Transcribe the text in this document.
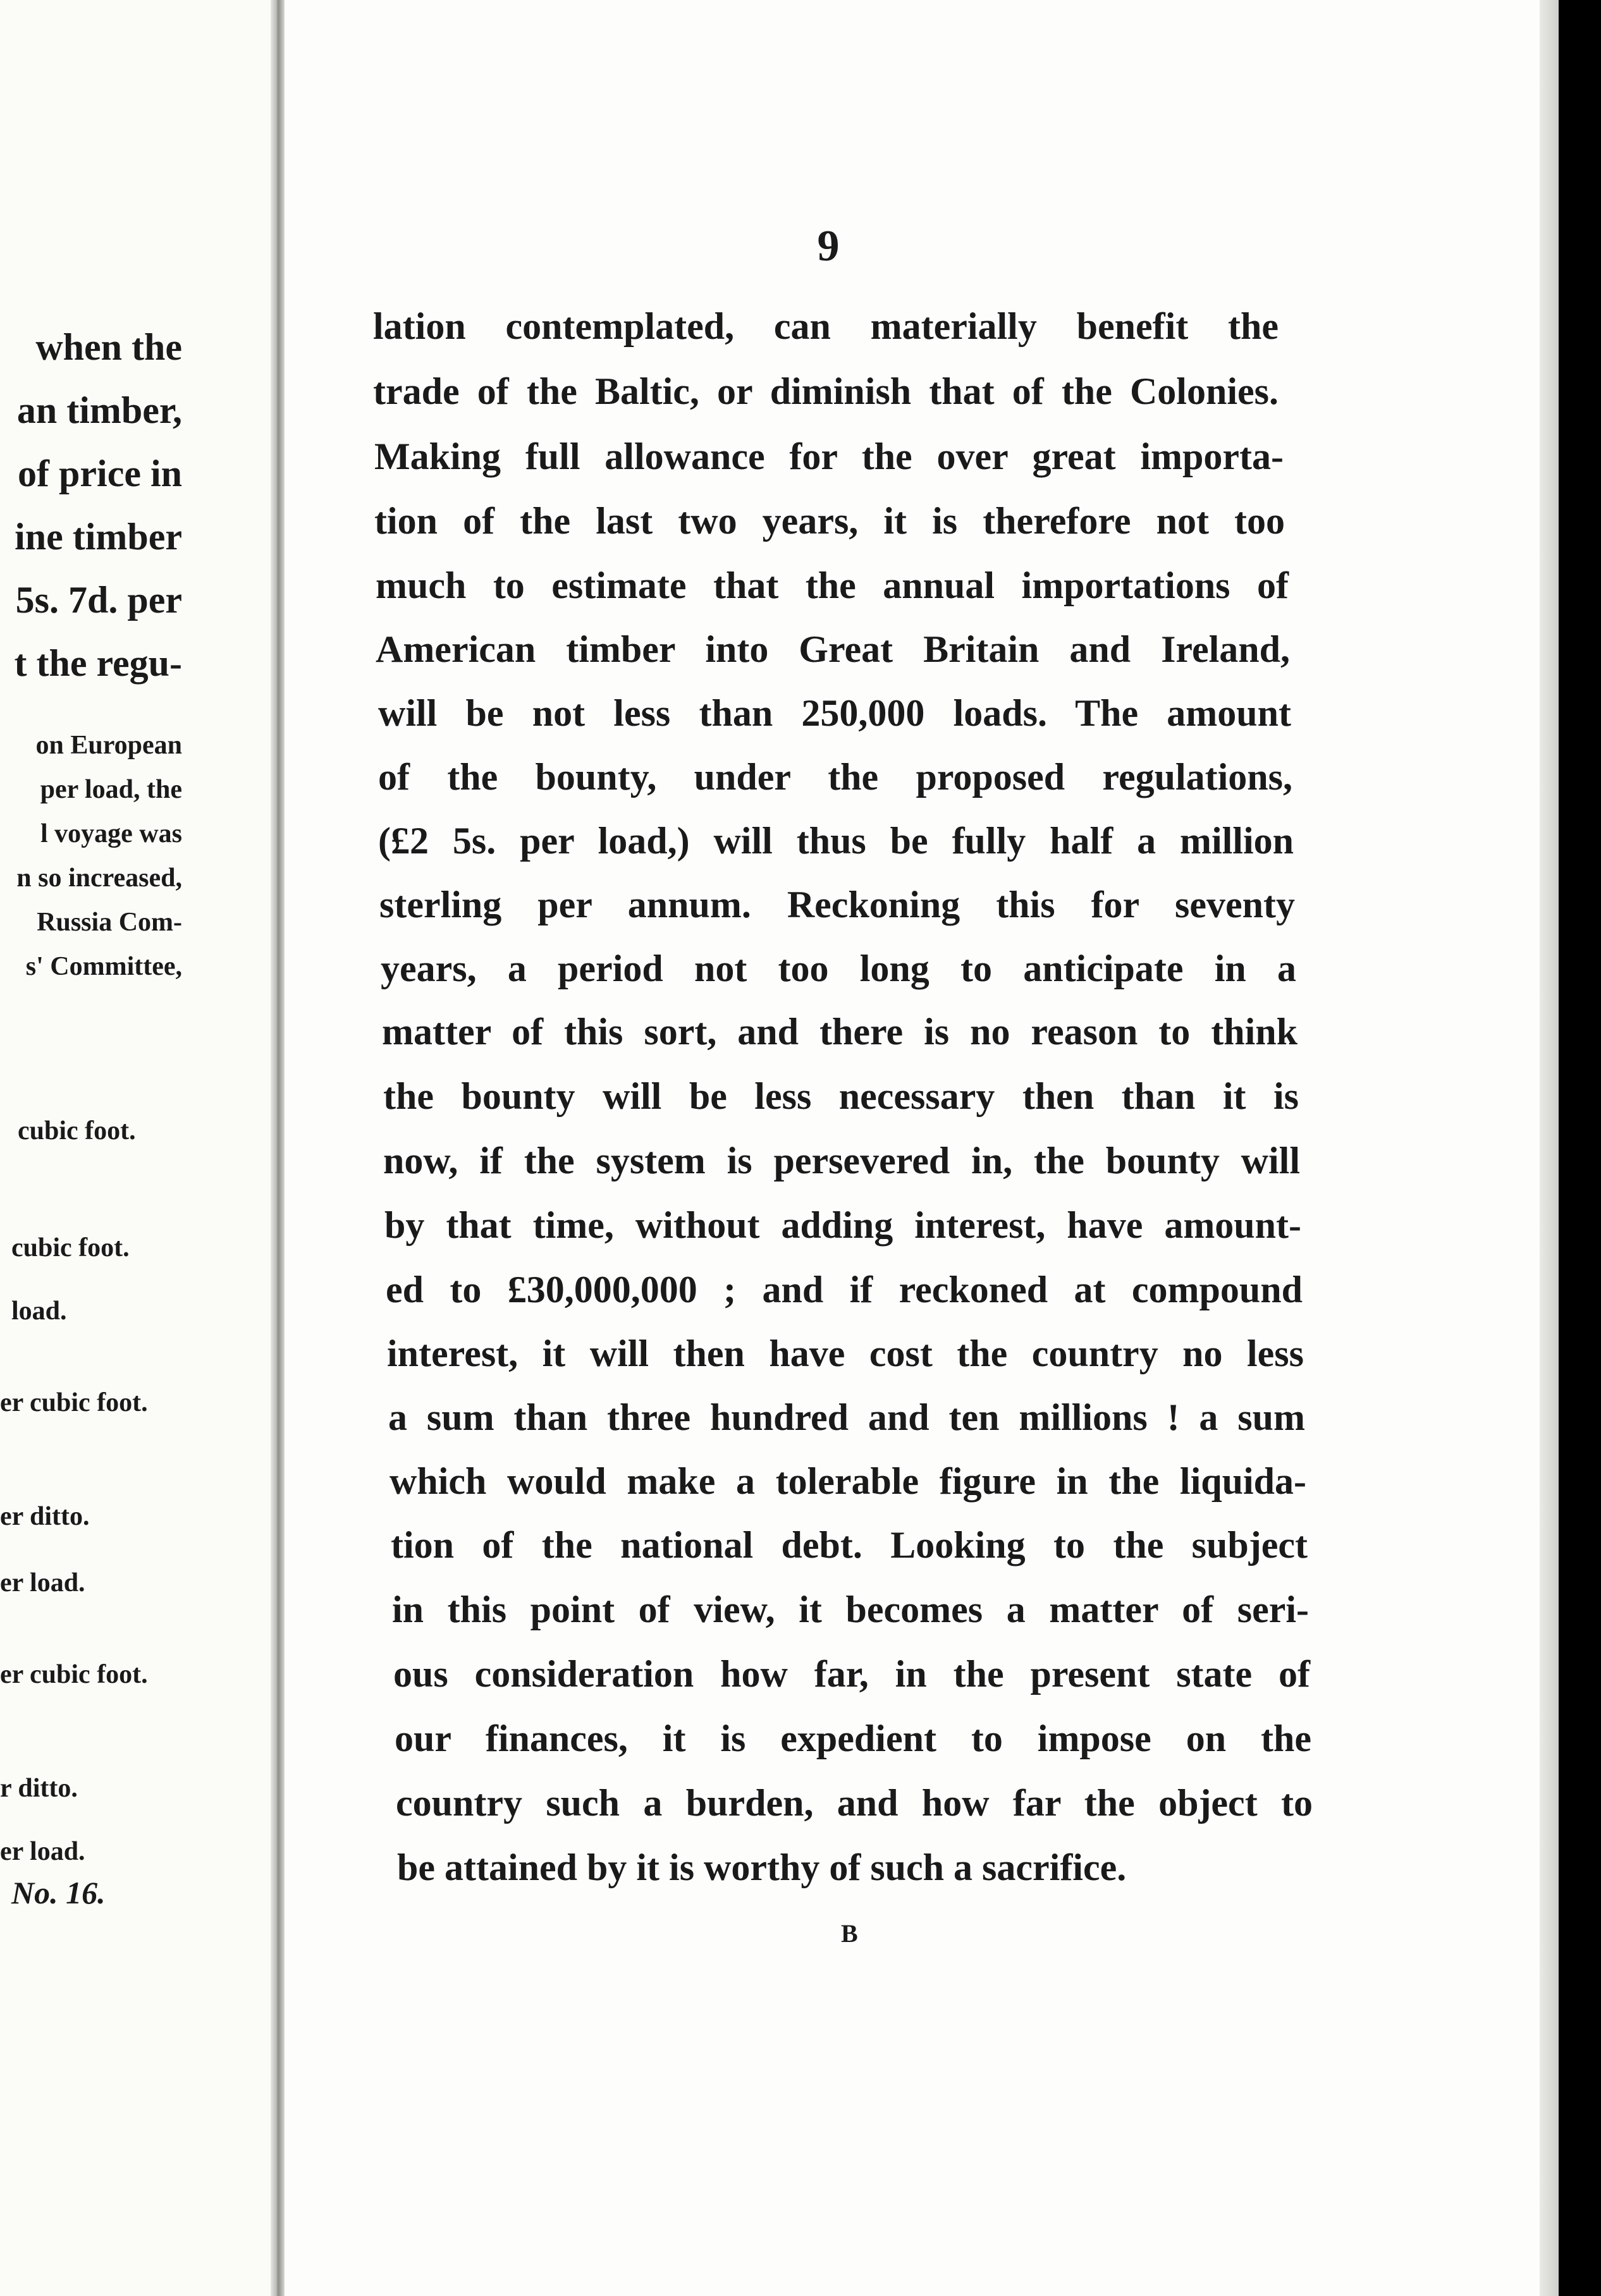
when the

an timber,

of price in

ine timber

5s. 7d. per

t the regu-

on European

per load, the

l voyage was

n so increased,

Russia Com-

s' Committee,

cubic foot.

cubic foot.

load.

er cubic foot.

er ditto.

er load.

er cubic foot.

r ditto.

er load.

No. 16.

9

lation contemplated, can materially benefit the

trade of the Baltic, or diminish that of the Colonies.

Making full allowance for the over great importa-

tion of the last two years, it is therefore not too

much to estimate that the annual importations of

American timber into Great Britain and Ireland,

will be not less than 250,000 loads. The amount

of the bounty, under the proposed regulations,

(£2 5s. per load,) will thus be fully half a million

sterling per annum. Reckoning this for seventy

years, a period not too long to anticipate in a

matter of this sort, and there is no reason to think

the bounty will be less necessary then than it is

now, if the system is persevered in, the bounty will

by that time, without adding interest, have amount-

ed to £30,000,000 ; and if reckoned at compound

interest, it will then have cost the country no less

a sum than three hundred and ten millions ! a sum

which would make a tolerable figure in the liquida-

tion of the national debt. Looking to the subject

in this point of view, it becomes a matter of seri-

ous consideration how far, in the present state of

our finances, it is expedient to impose on the

country such a burden, and how far the object to

be attained by it is worthy of such a sacrifice.

B
